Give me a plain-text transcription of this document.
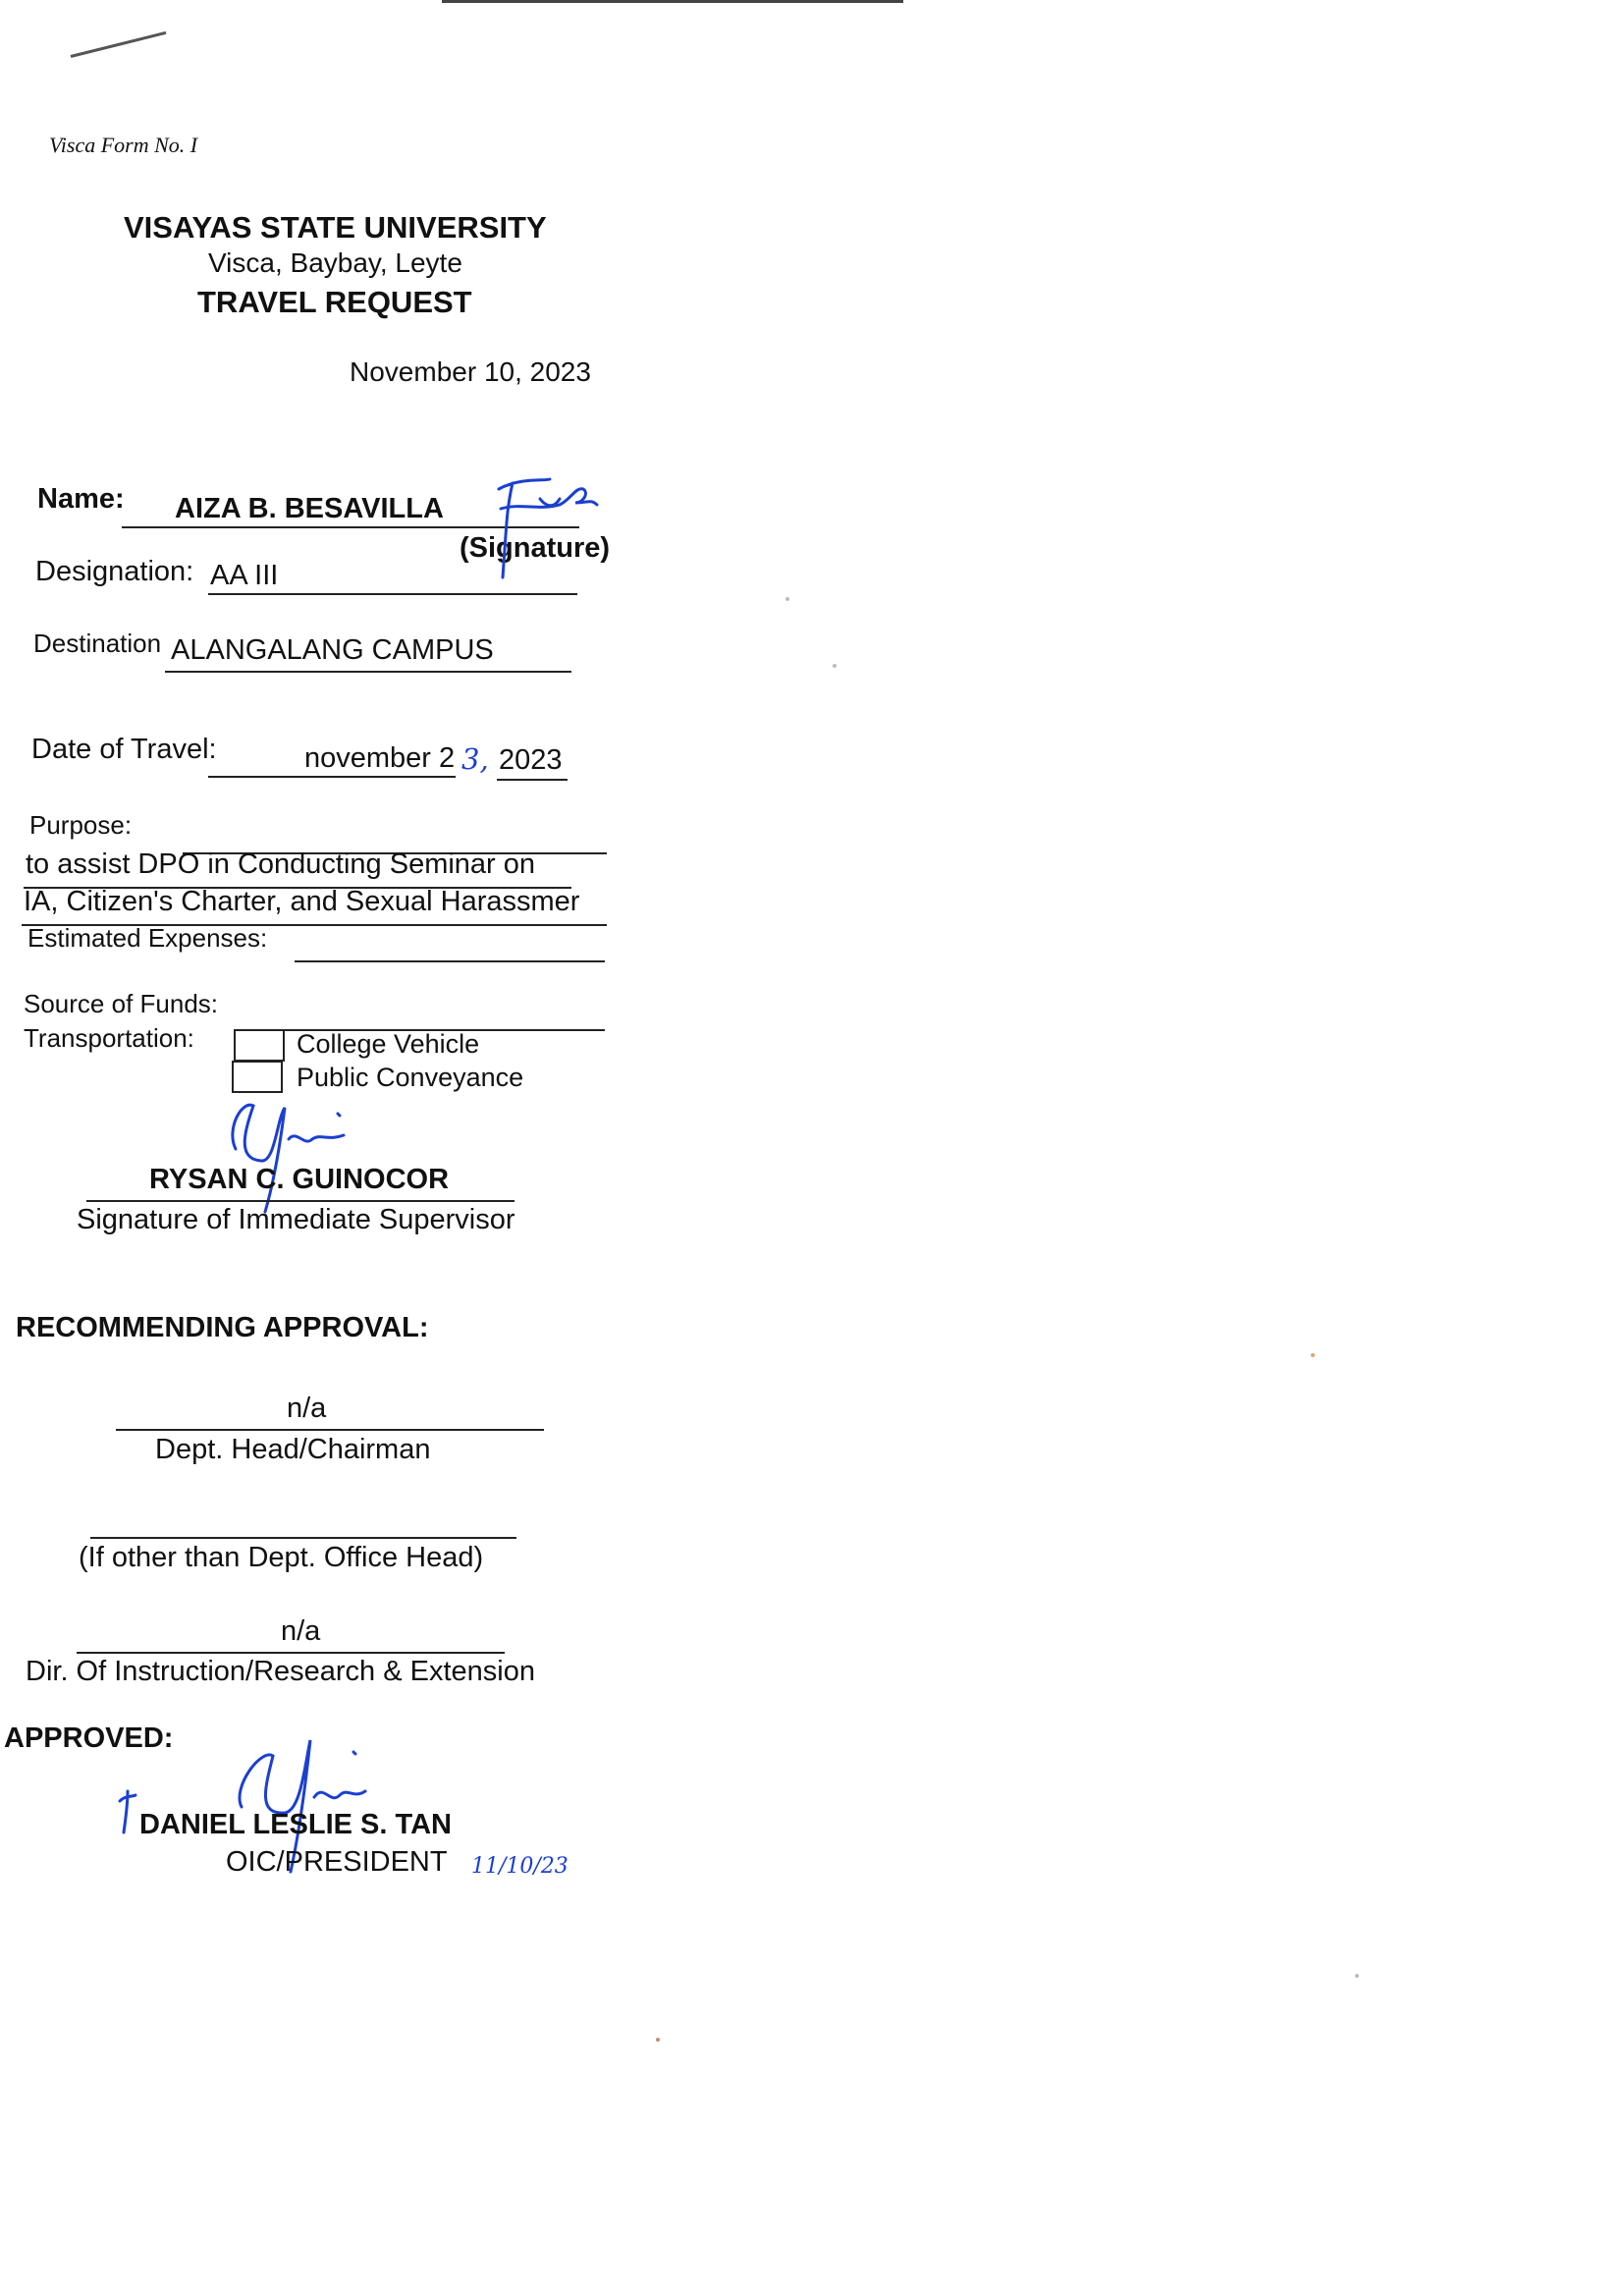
Visca Form No. I
VISAYAS STATE UNIVERSITY
Visca, Baybay, Leyte
TRAVEL REQUEST
November 10, 2023
Name: AIZA B. BESAVILLA
(Signature)
Designation: AA III
Destination ALANGALANG CAMPUS
Date of Travel:	november 2 3, 2023
Purpose:
to assist DPO in Conducting Seminar on
IA, Citizen's Charter, and Sexual Harassmer
Estimated Expenses:
Source of Funds:
Transportation:	College Vehicle
Public Conveyance
RYSAN C. GUINOCOR
Signature of Immediate Supervisor
RECOMMENDING APPROVAL:
n/a
Dept. Head/Chairman
(If other than Dept. Office Head)
n/a
Dir. Of Instruction/Research & Extension
APPROVED:
DANIEL LESLIE S. TAN
OIC/PRESIDENT 11/10/23
